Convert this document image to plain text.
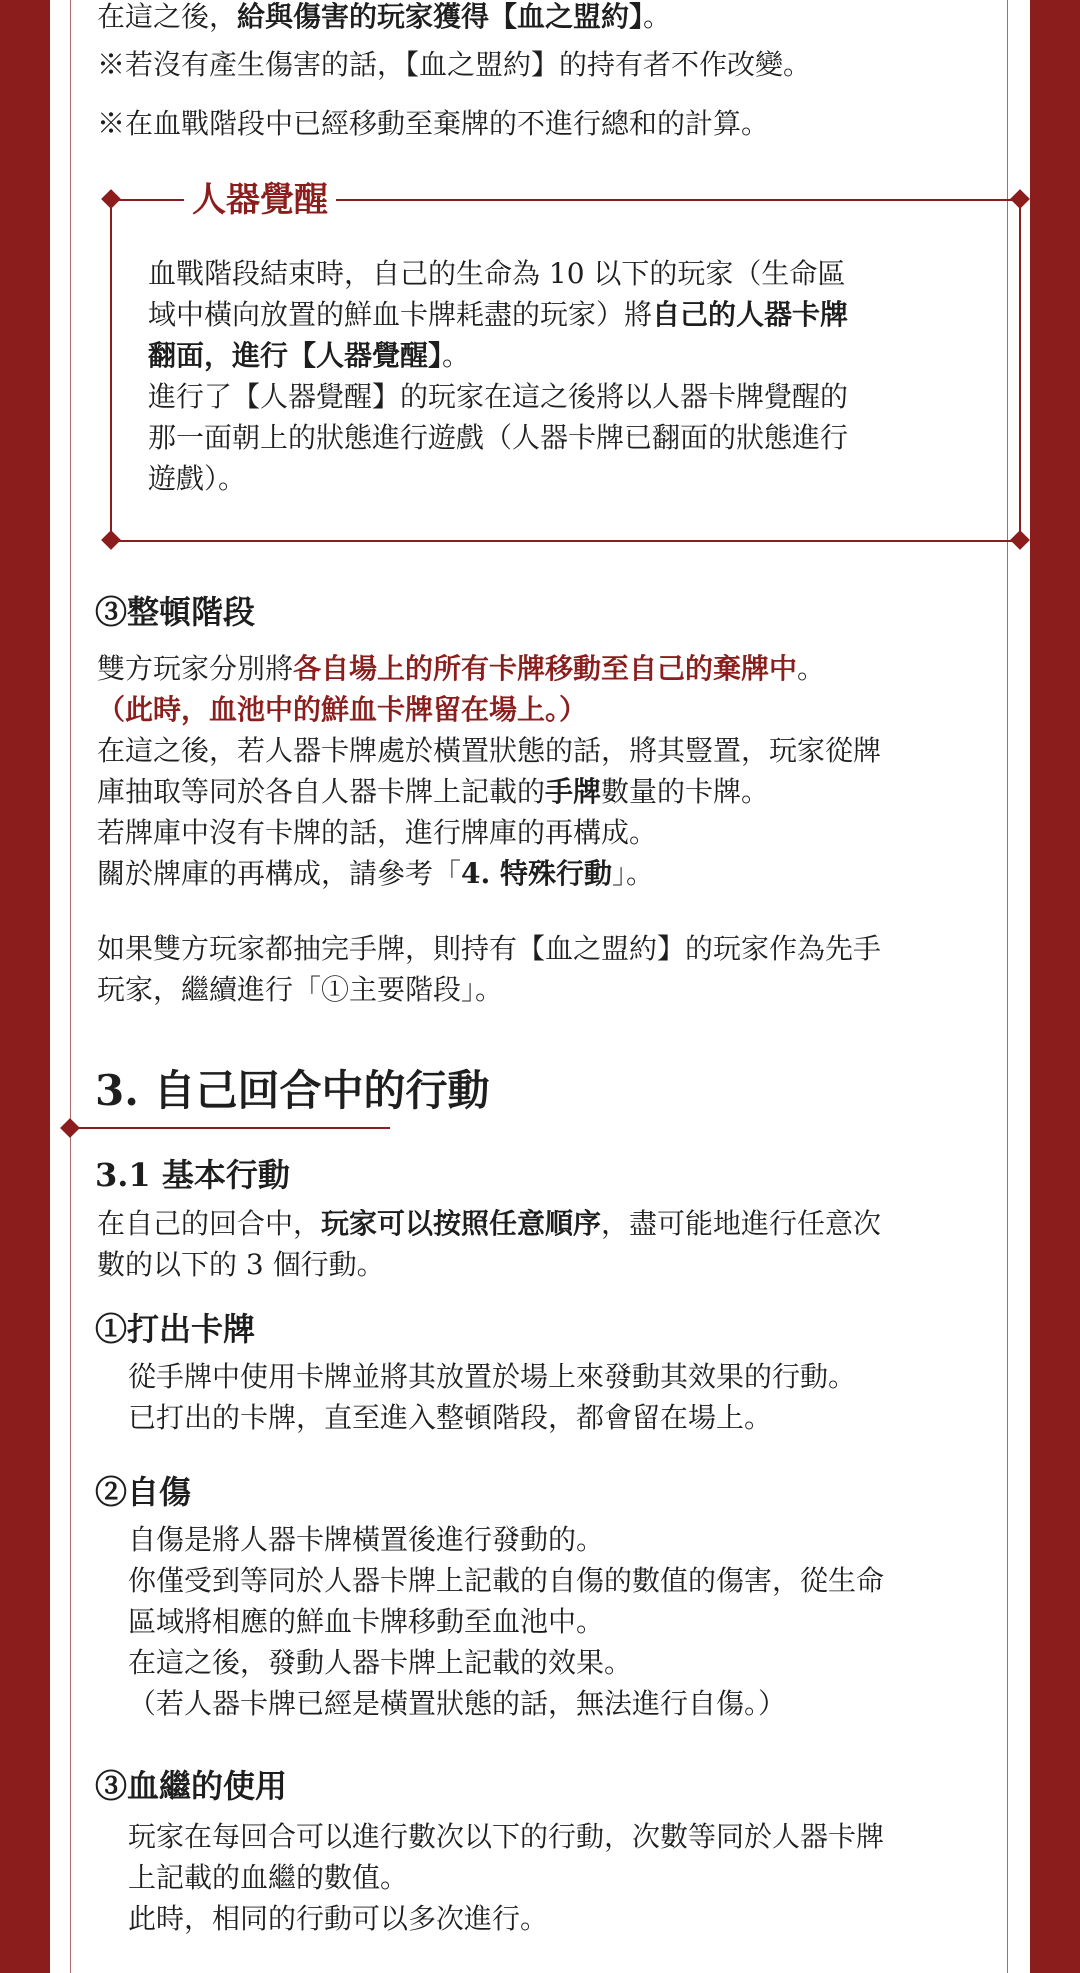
在這之後，給與傷害的玩家獲得【血之盟約】。

※若沒有產生傷害的話，【血之盟約】的持有者不作改變。

※在血戰階段中已經移動至棄牌的不進行總和的計算。

人器覺醒

血戰階段結束時，自己的生命為 10 以下的玩家（生命區

域中橫向放置的鮮血卡牌耗盡的玩家）將自己的人器卡牌

翻面，進行【人器覺醒】。

進行了【人器覺醒】的玩家在這之後將以人器卡牌覺醒的

那一面朝上的狀態進行遊戲（人器卡牌已翻面的狀態進行

遊戲）。

③整頓階段

雙方玩家分別將各自場上的所有卡牌移動至自己的棄牌中。

（此時，血池中的鮮血卡牌留在場上。）

在這之後，若人器卡牌處於橫置狀態的話，將其豎置，玩家從牌

庫抽取等同於各自人器卡牌上記載的手牌數量的卡牌。

若牌庫中沒有卡牌的話，進行牌庫的再構成。

關於牌庫的再構成，請參考「4. 特殊行動」。

如果雙方玩家都抽完手牌，則持有【血之盟約】的玩家作為先手

玩家，繼續進行「①主要階段」。

3. 自己回合中的行動
3.1 基本行動

在自己的回合中，玩家可以按照任意順序，盡可能地進行任意次

數的以下的 3 個行動。

①打出卡牌

從手牌中使用卡牌並將其放置於場上來發動其效果的行動。

已打出的卡牌，直至進入整頓階段，都會留在場上。

②自傷

自傷是將人器卡牌橫置後進行發動的。

你僅受到等同於人器卡牌上記載的自傷的數值的傷害，從生命

區域將相應的鮮血卡牌移動至血池中。

在這之後，發動人器卡牌上記載的效果。

（若人器卡牌已經是橫置狀態的話，無法進行自傷。）

③血繼的使用

玩家在每回合可以進行數次以下的行動，次數等同於人器卡牌

上記載的血繼的數值。

此時，相同的行動可以多次進行。
